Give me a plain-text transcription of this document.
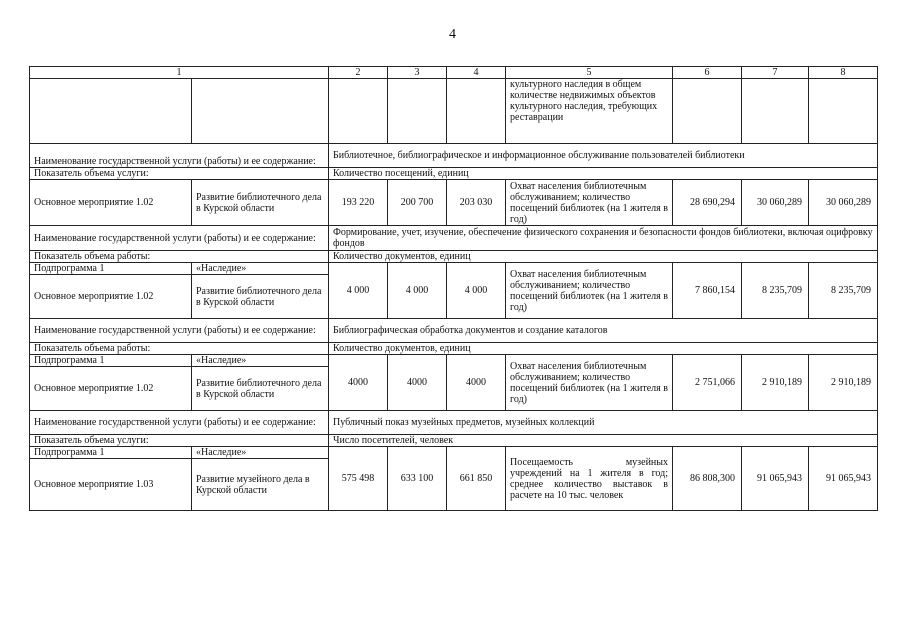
4
1		2	3	4	5	6	7	8
					культурного наследия в общем количестве недвижимых объектов культурного наследия, требующих реставрации			
Наименование государственной услуги (работы) и ее содержание:		Библиотечное, библиографическое и информационное обслуживание пользователей библиотеки						
Показатель объема услуги:		Количество посещений, единиц						
Основное мероприятие 1.02	Развитие библиотечного дела в Курской области	193 220	200 700	203 030	Охват населения библиотечным обслуживанием; количество посещений библиотек (на 1 жителя в год)	28 690,294	30 060,289	30 060,289
Наименование государственной услуги (работы) и ее содержание:		Формирование, учет, изучение, обеспечение физического сохранения и безопасности фондов библиотеки, включая оцифровку фондов						
Показатель объема работы:		Количество документов, единиц						
Подпрограмма 1	«Наследие»	4 000	4 000	4 000	Охват населения библиотечным обслуживанием; количество посещений библиотек (на 1 жителя в год)	7 860,154	8 235,709	8 235,709
Основное мероприятие 1.02	Развитие библиотечного дела в Курской области							
Наименование государственной услуги (работы) и ее содержание:		Библиографическая обработка документов и создание каталогов						
Показатель объема работы:		Количество документов, единиц						
Подпрограмма 1	«Наследие»	4000	4000	4000	Охват населения библиотечным обслуживанием; количество посещений библиотек (на 1 жителя в год)	2 751,066	2 910,189	2 910,189
Основное мероприятие 1.02	Развитие библиотечного дела в Курской области							
Наименование государственной услуги (работы) и ее содержание:		Публичный показ музейных предметов, музейных коллекций						
Показатель объема услуги:		Число посетителей, человек						
Подпрограмма 1	«Наследие»	575 498	633 100	661 850	Посещаемость музейных учреждений на 1 жителя в год; среднее количество выставок в расчете на 10 тыс. человек	86 808,300	91 065,943	91 065,943
Основное мероприятие 1.03	Развитие музейного дела в Курской области							
